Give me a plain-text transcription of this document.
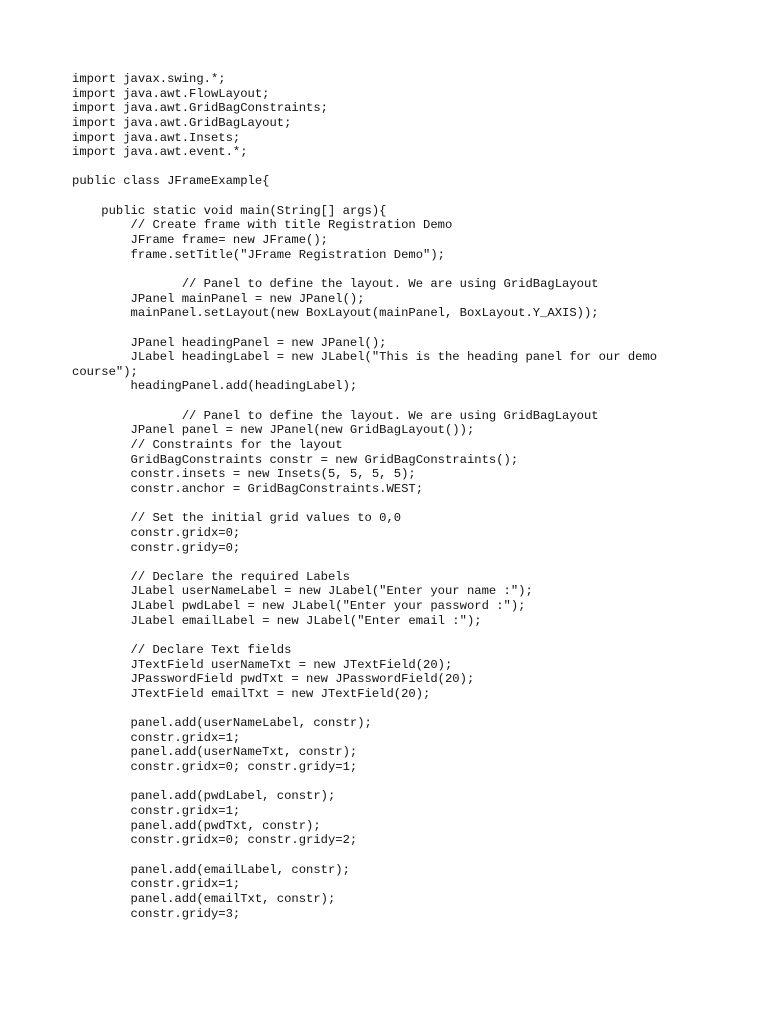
import javax.swing.*;
import java.awt.FlowLayout;
import java.awt.GridBagConstraints;
import java.awt.GridBagLayout;
import java.awt.Insets;
import java.awt.event.*;
public class JFrameExample{
public static void main(String[] args){
// Create frame with title Registration Demo
JFrame frame= new JFrame();
frame.setTitle("JFrame Registration Demo");
// Panel to define the layout. We are using GridBagLayout
JPanel mainPanel = new JPanel();
mainPanel.setLayout(new BoxLayout(mainPanel, BoxLayout.Y_AXIS));
JPanel headingPanel = new JPanel();
JLabel headingLabel = new JLabel("This is the heading panel for our demo
course");
headingPanel.add(headingLabel);
// Panel to define the layout. We are using GridBagLayout
JPanel panel = new JPanel(new GridBagLayout());
// Constraints for the layout
GridBagConstraints constr = new GridBagConstraints();
constr.insets = new Insets(5, 5, 5, 5);
constr.anchor = GridBagConstraints.WEST;
// Set the initial grid values to 0,0
constr.gridx=0;
constr.gridy=0;
// Declare the required Labels
JLabel userNameLabel = new JLabel("Enter your name :");
JLabel pwdLabel = new JLabel("Enter your password :");
JLabel emailLabel = new JLabel("Enter email :");
// Declare Text fields
JTextField userNameTxt = new JTextField(20);
JPasswordField pwdTxt = new JPasswordField(20);
JTextField emailTxt = new JTextField(20);
panel.add(userNameLabel, constr);
constr.gridx=1;
panel.add(userNameTxt, constr);
constr.gridx=0; constr.gridy=1;
panel.add(pwdLabel, constr);
constr.gridx=1;
panel.add(pwdTxt, constr);
constr.gridx=0; constr.gridy=2;
panel.add(emailLabel, constr);
constr.gridx=1;
panel.add(emailTxt, constr);
constr.gridy=3;
